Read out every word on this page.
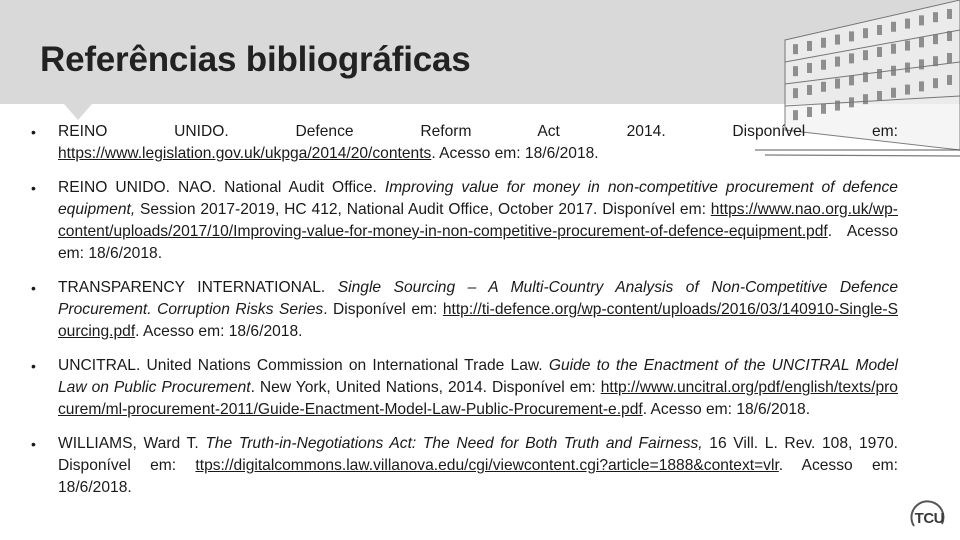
Referências bibliográficas
• REINO UNIDO. Defence Reform Act 2014. Disponível em:
https://www.legislation.gov.uk/ukpga/2014/20/contents. Acesso em: 18/6/2018.
• REINO UNIDO. NAO. National Audit Office. Improving value for money in non-competitive procurement of defence equipment, Session 2017-2019, HC 412, National Audit Office, October 2017. Disponível em: https://www.nao.org.uk/wp-content/uploads/2017/10/Improving-value-for-money-in-non-competitive-procurement-of-defence-equipment.pdf. Acesso em: 18/6/2018.
• TRANSPARENCY INTERNATIONAL. Single Sourcing – A Multi-Country Analysis of Non-Competitive Defence Procurement. Corruption Risks Series. Disponível em: http://ti-defence.org/wp-content/uploads/2016/03/140910-Single-Sourcing.pdf. Acesso em: 18/6/2018.
• UNCITRAL. United Nations Commission on International Trade Law. Guide to the Enactment of the UNCITRAL Model Law on Public Procurement. New York, United Nations, 2014. Disponível em: http://www.uncitral.org/pdf/english/texts/procurem/ml-procurement-2011/Guide-Enactment-Model-Law-Public-Procurement-e.pdf. Acesso em: 18/6/2018.
• WILLIAMS, Ward T. The Truth-in-Negotiations Act: The Need for Both Truth and Fairness, 16 Vill. L. Rev. 108, 1970. Disponível em: ttps://digitalcommons.law.villanova.edu/cgi/viewcontent.cgi?article=1888&context=vlr. Acesso em: 18/6/2018.
TCU
